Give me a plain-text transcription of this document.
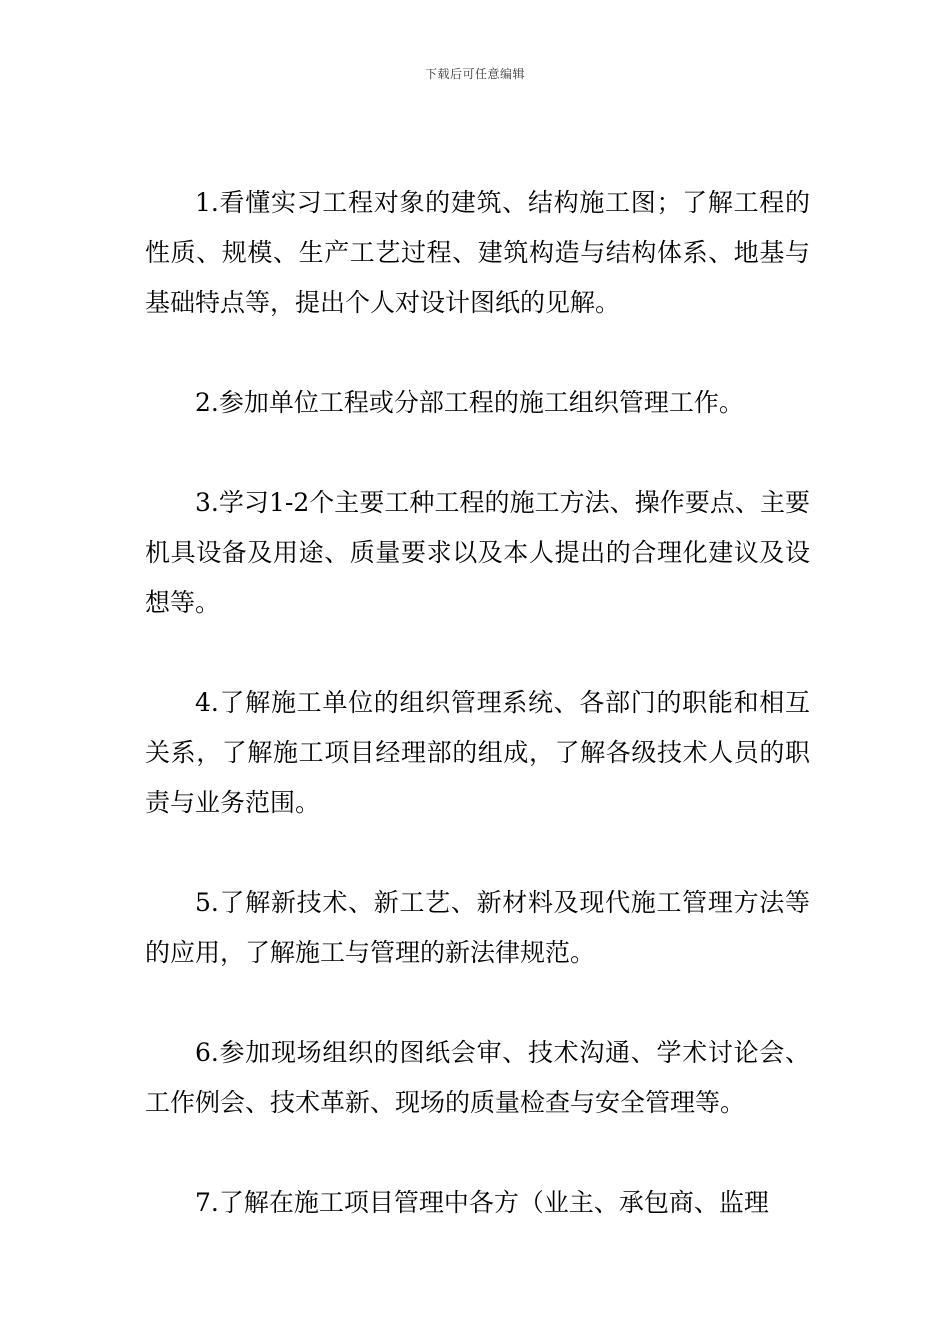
下载后可任意编辑

1.看懂实习工程对象的建筑、结构施工图；了解工程的性质、规模、生产工艺过程、建筑构造与结构体系、地基与基础特点等，提出个人对设计图纸的见解。

2.参加单位工程或分部工程的施工组织管理工作。

3.学习1-2个主要工种工程的施工方法、操作要点、主要机具设备及用途、质量要求以及本人提出的合理化建议及设想等。

4.了解施工单位的组织管理系统、各部门的职能和相互关系，了解施工项目经理部的组成，了解各级技术人员的职责与业务范围。

5.了解新技术、新工艺、新材料及现代施工管理方法等的应用，了解施工与管理的新法律规范。

6.参加现场组织的图纸会审、技术沟通、学术讨论会、工作例会、技术革新、现场的质量检查与安全管理等。

7.了解在施工项目管理中各方（业主、承包商、监理
